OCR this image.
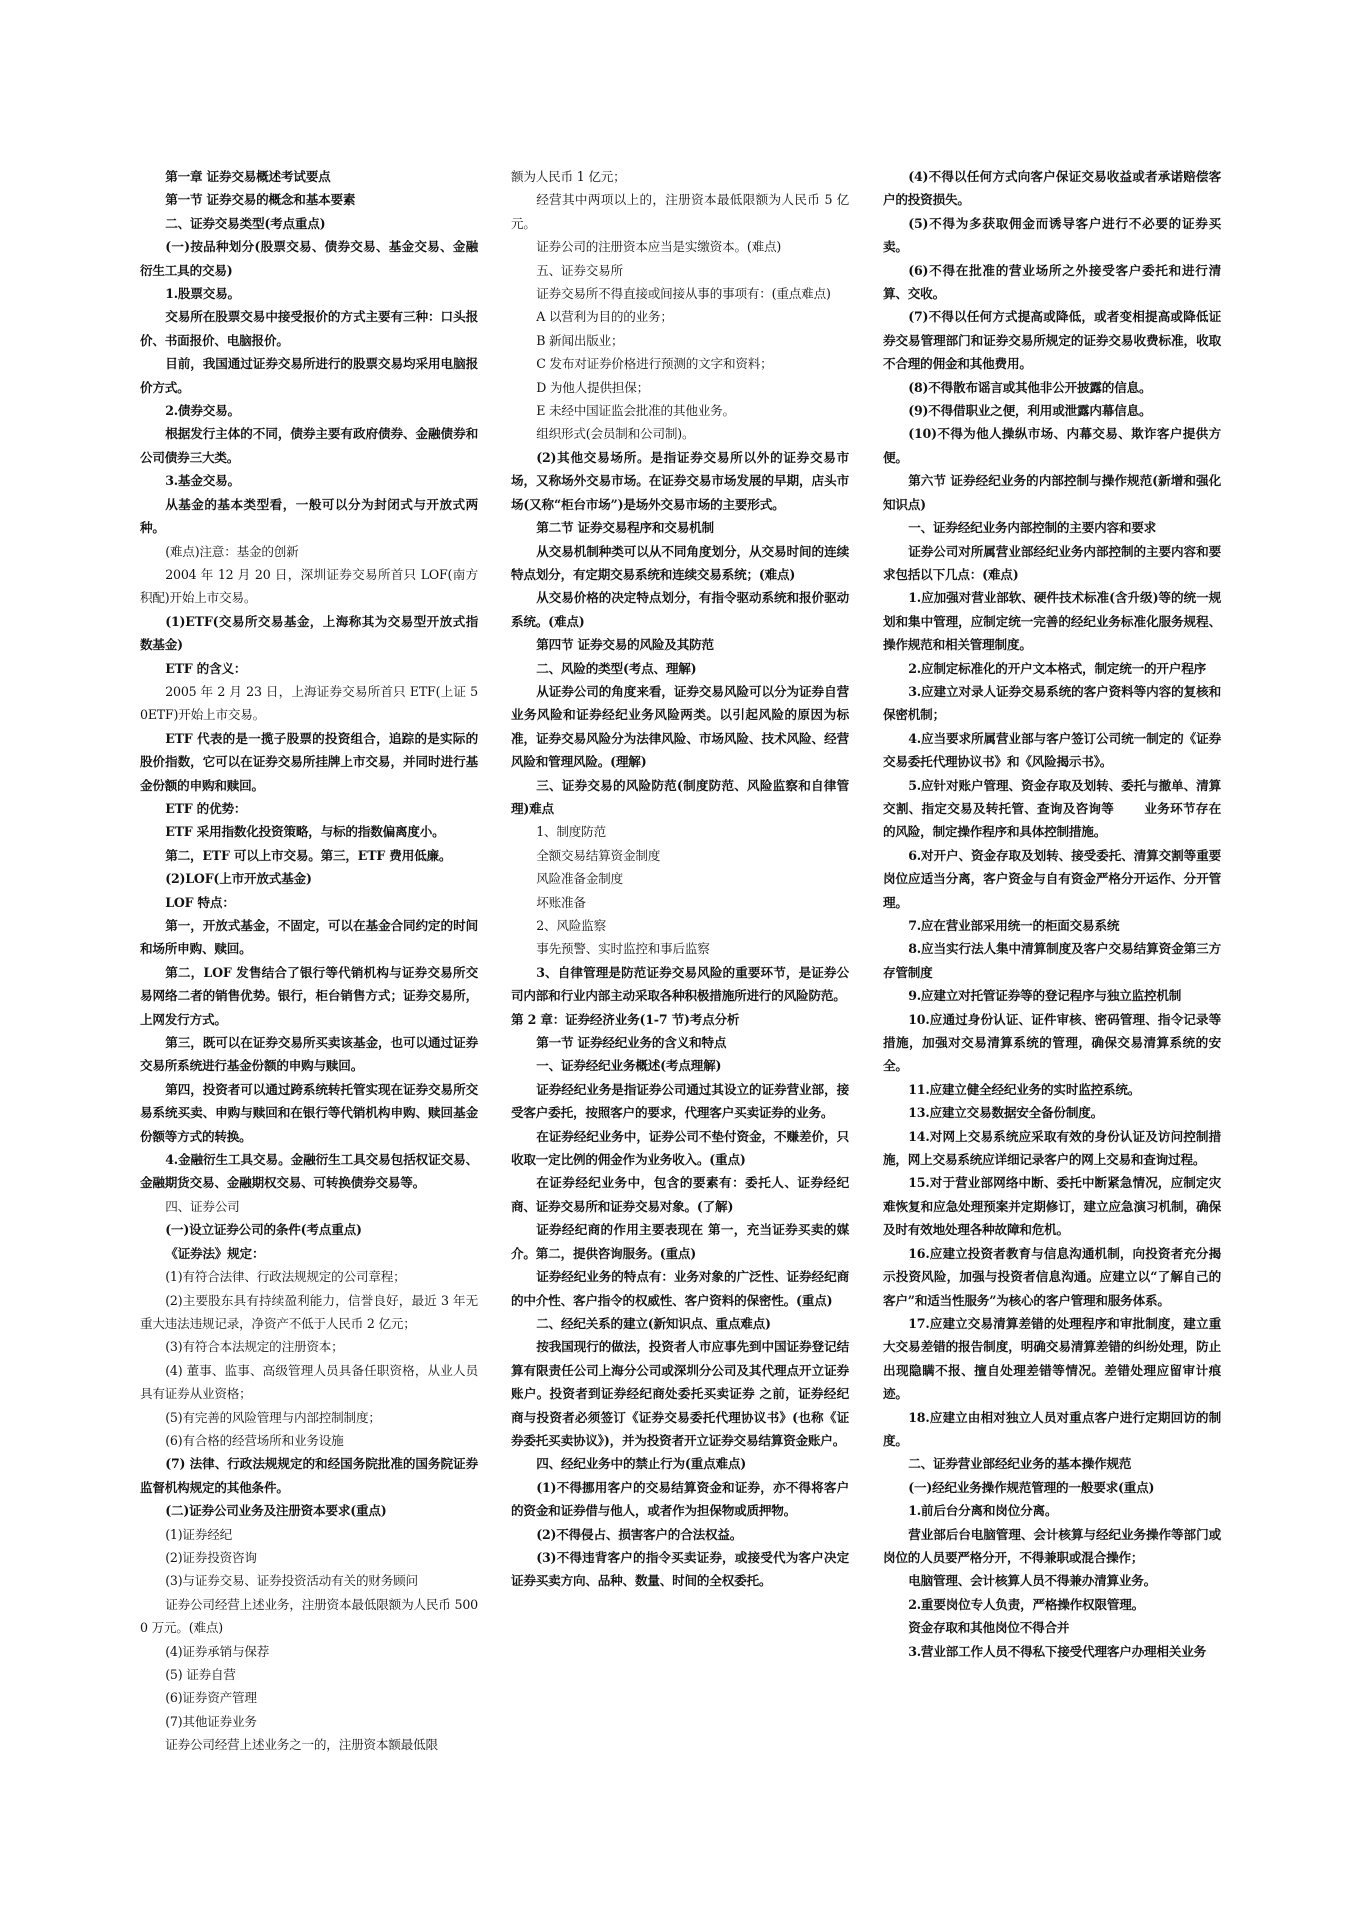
第一章 证券交易概述考试要点

第一节 证券交易的概念和基本要素

二、证券交易类型(考点重点)

(一)按品种划分(股票交易、债券交易、基金交易、金融衍生工具的交易)

1.股票交易。

交易所在股票交易中接受报价的方式主要有三种：口头报价、书面报价、电脑报价。

目前，我国通过证券交易所进行的股票交易均采用电脑报价方式。

2.债券交易。

根据发行主体的不同，债券主要有政府债券、金融债券和公司债券三大类。

3.基金交易。

从基金的基本类型看，一般可以分为封闭式与开放式两种。

(难点)注意：基金的创新

2004 年 12 月 20 日，深圳证券交易所首只 LOF(南方积配)开始上市交易。

(1)ETF(交易所交易基金，上海称其为交易型开放式指数基金)

ETF 的含义：

2005 年 2 月 23 日，上海证券交易所首只 ETF(上证 50ETF)开始上市交易。

ETF 代表的是一揽子股票的投资组合，追踪的是实际的股价指数，它可以在证券交易所挂牌上市交易，并同时进行基金份额的申购和赎回。

ETF 的优势：

ETF 采用指数化投资策略，与标的指数偏离度小。

第二，ETF 可以上市交易。第三，ETF 费用低廉。

(2)LOF(上市开放式基金)

LOF 特点：

第一，开放式基金，不固定，可以在基金合同约定的时间和场所申购、赎回。

第二，LOF 发售结合了银行等代销机构与证券交易所交易网络二者的销售优势。银行，柜台销售方式；证券交易所，上网发行方式。

第三，既可以在证券交易所买卖该基金，也可以通过证券交易所系统进行基金份额的申购与赎回。

第四，投资者可以通过跨系统转托管实现在证券交易所交易系统买卖、申购与赎回和在银行等代销机构申购、赎回基金份额等方式的转换。

4.金融衍生工具交易。金融衍生工具交易包括权证交易、金融期货交易、金融期权交易、可转换债券交易等。

四、证券公司

(一)设立证券公司的条件(考点重点)

《证券法》规定：

(1)有符合法律、行政法规规定的公司章程；

(2)主要股东具有持续盈利能力，信誉良好，最近 3 年无重大违法违规记录，净资产不低于人民币 2 亿元；

(3)有符合本法规定的注册资本；

(4) 董事、监事、高级管理人员具备任职资格，从业人员具有证券从业资格；

(5)有完善的风险管理与内部控制制度；

(6)有合格的经营场所和业务设施

(7) 法律、行政法规规定的和经国务院批准的国务院证券监督机构规定的其他条件。

(二)证券公司业务及注册资本要求(重点)

(1)证券经纪

(2)证券投资咨询

(3)与证券交易、证券投资活动有关的财务顾问

证券公司经营上述业务，注册资本最低限额为人民币 5000 万元。(难点)

(4)证券承销与保荐

(5) 证券自营

(6)证券资产管理

(7)其他证券业务

证券公司经营上述业务之一的，注册资本额最低限

额为人民币 1 亿元；

经营其中两项以上的，注册资本最低限额为人民币 5 亿元。

证券公司的注册资本应当是实缴资本。(难点)

五、证券交易所

证券交易所不得直接或间接从事的事项有：(重点难点)

A 以营利为目的的业务；

B 新闻出版业；

C 发布对证券价格进行预测的文字和资料；

D 为他人提供担保；

E 未经中国证监会批准的其他业务。

组织形式(会员制和公司制)。

(2)其他交易场所。是指证券交易所以外的证券交易市场，又称场外交易市场。在证券交易市场发展的早期，店头市场(又称“柜台市场”)是场外交易市场的主要形式。

第二节 证券交易程序和交易机制

从交易机制种类可以从不同角度划分，从交易时间的连续特点划分，有定期交易系统和连续交易系统；(难点)

从交易价格的决定特点划分，有指令驱动系统和报价驱动系统。(难点)

第四节 证券交易的风险及其防范

二、风险的类型(考点、理解)

从证券公司的角度来看，证券交易风险可以分为证券自营业务风险和证券经纪业务风险两类。以引起风险的原因为标准，证券交易风险分为法律风险、市场风险、技术风险、经营风险和管理风险。(理解)

三、证券交易的风险防范(制度防范、风险监察和自律管理)难点

1、制度防范

全额交易结算资金制度

风险准备金制度

坏账准备

2、风险监察

事先预警、实时监控和事后监察

3、自律管理是防范证券交易风险的重要环节，是证券公司内部和行业内部主动采取各种积极措施所进行的风险防范。

第 2 章：证券经济业务(1-7 节)考点分析

第一节 证券经纪业务的含义和特点

一、证券经纪业务概述(考点理解)

证券经纪业务是指证券公司通过其设立的证券营业部，接受客户委托，按照客户的要求，代理客户买卖证券的业务。

在证券经纪业务中，证券公司不垫付资金，不赚差价，只收取一定比例的佣金作为业务收入。(重点)

在证券经纪业务中，包含的要素有：委托人、证券经纪商、证券交易所和证券交易对象。(了解)

证券经纪商的作用主要表现在 第一，充当证券买卖的媒介。第二，提供咨询服务。(重点)

证券经纪业务的特点有：业务对象的广泛性、证券经纪商的中介性、客户指令的权威性、客户资料的保密性。(重点)

二、经纪关系的建立(新知识点、重点难点)

按我国现行的做法，投资者人市应事先到中国证券登记结算有限责任公司上海分公司或深圳分公司及其代理点开立证券账户。投资者到证券经纪商处委托买卖证券 之前，证券经纪商与投资者必须签订《证券交易委托代理协议书》(也称《证券委托买卖协议》)，并为投资者开立证券交易结算资金账户。

四、经纪业务中的禁止行为(重点难点)

(1)不得挪用客户的交易结算资金和证券，亦不得将客户的资金和证券借与他人，或者作为担保物或质押物。

(2)不得侵占、损害客户的合法权益。

(3)不得违背客户的指令买卖证券，或接受代为客户决定证券买卖方向、品种、数量、时间的全权委托。

(4)不得以任何方式向客户保证交易收益或者承诺赔偿客户的投资损失。

(5)不得为多获取佣金而诱导客户进行不必要的证券买卖。

(6)不得在批准的营业场所之外接受客户委托和进行清算、交收。

(7)不得以任何方式提高或降低，或者变相提高或降低证券交易管理部门和证券交易所规定的证券交易收费标准，收取不合理的佣金和其他费用。

(8)不得散布谣言或其他非公开披露的信息。

(9)不得借职业之便，利用或泄露内幕信息。

(10)不得为他人操纵市场、内幕交易、欺诈客户提供方便。

第六节 证券经纪业务的内部控制与操作规范(新增和强化知识点)

一、证券经纪业务内部控制的主要内容和要求

证券公司对所属营业部经纪业务内部控制的主要内容和要求包括以下几点：(难点)

1.应加强对营业部软、硬件技术标准(含升级)等的统一规划和集中管理，应制定统一完善的经纪业务标准化服务规程、操作规范和相关管理制度。

2.应制定标准化的开户文本格式，制定统一的开户程序

3.应建立对录人证券交易系统的客户资料等内容的复核和保密机制；

4.应当要求所属营业部与客户签订公司统一制定的《证券交易委托代理协议书》和《风险揭示书》。

5.应针对账户管理、资金存取及划转、委托与撤单、清算交割、指定交易及转托管、查询及咨询等 　　业务环节存在的风险，制定操作程序和具体控制措施。

6.对开户、资金存取及划转、接受委托、清算交割等重要岗位应适当分离，客户资金与自有资金严格分开运作、分开管理。

7.应在营业部采用统一的柜面交易系统

8.应当实行法人集中清算制度及客户交易结算资金第三方存管制度

9.应建立对托管证券等的登记程序与独立监控机制

10.应通过身份认证、证件审核、密码管理、指令记录等措施，加强对交易清算系统的管理，确保交易清算系统的安全。

11.应建立健全经纪业务的实时监控系统。

13.应建立交易数据安全备份制度。

14.对网上交易系统应采取有效的身份认证及访问控制措施，网上交易系统应详细记录客户的网上交易和查询过程。

15.对于营业部网络中断、委托中断紧急情况，应制定灾难恢复和应急处理预案并定期修订，建立应急演习机制，确保及时有效地处理各种故障和危机。

16.应建立投资者教育与信息沟通机制，向投资者充分揭示投资风险，加强与投资者信息沟通。应建立以“了解自己的客户”和适当性服务”为核心的客户管理和服务体系。

17.应建立交易清算差错的处理程序和审批制度，建立重大交易差错的报告制度，明确交易清算差错的纠纷处理，防止出现隐瞒不报、擅自处理差错等情况。差错处理应留审计痕迹。

18.应建立由相对独立人员对重点客户进行定期回访的制度。

二、证券营业部经纪业务的基本操作规范

(一)经纪业务操作规范管理的一般要求(重点)

1.前后台分离和岗位分离。

营业部后台电脑管理、会计核算与经纪业务操作等部门或岗位的人员要严格分开，不得兼职或混合操作；

电脑管理、会计核算人员不得兼办清算业务。

2.重要岗位专人负责，严格操作权限管理。

资金存取和其他岗位不得合并

3.营业部工作人员不得私下接受代理客户办理相关业务
